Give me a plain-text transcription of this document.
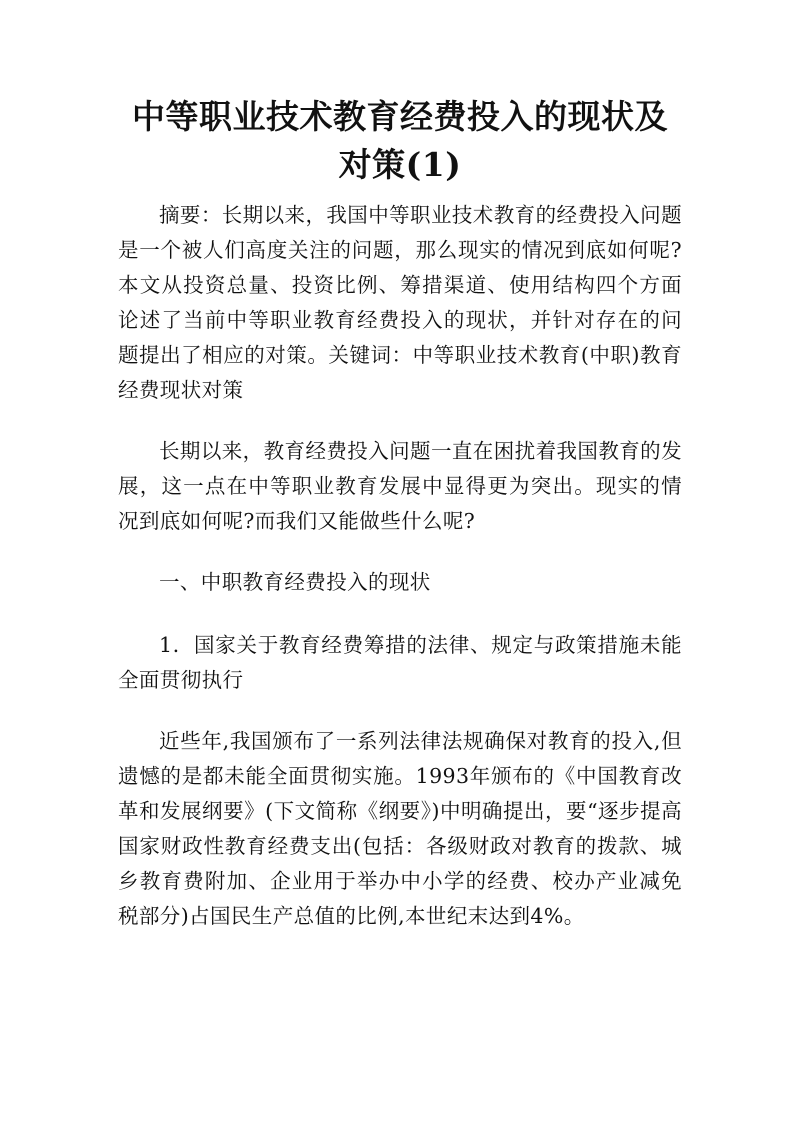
中等职业技术教育经费投入的现状及对策(1)

摘要：长期以来，我国中等职业技术教育的经费投入问题是一个被人们高度关注的问题，那么现实的情况到底如何呢?本文从投资总量、投资比例、筹措渠道、使用结构四个方面论述了当前中等职业教育经费投入的现状，并针对存在的问题提出了相应的对策。关键词：中等职业技术教育(中职)教育经费现状对策

长期以来，教育经费投入问题一直在困扰着我国教育的发展，这一点在中等职业教育发展中显得更为突出。现实的情况到底如何呢?而我们又能做些什么呢?

一、中职教育经费投入的现状

1．国家关于教育经费筹措的法律、规定与政策措施未能全面贯彻执行

近些年,我国颁布了一系列法律法规确保对教育的投入,但遗憾的是都未能全面贯彻实施。1993年颁布的《中国教育改革和发展纲要》(下文简称《纲要》)中明确提出，要“逐步提高国家财政性教育经费支出(包括：各级财政对教育的拨款、城乡教育费附加、企业用于举办中小学的经费、校办产业减免税部分)占国民生产总值的比例,本世纪末达到4%。
